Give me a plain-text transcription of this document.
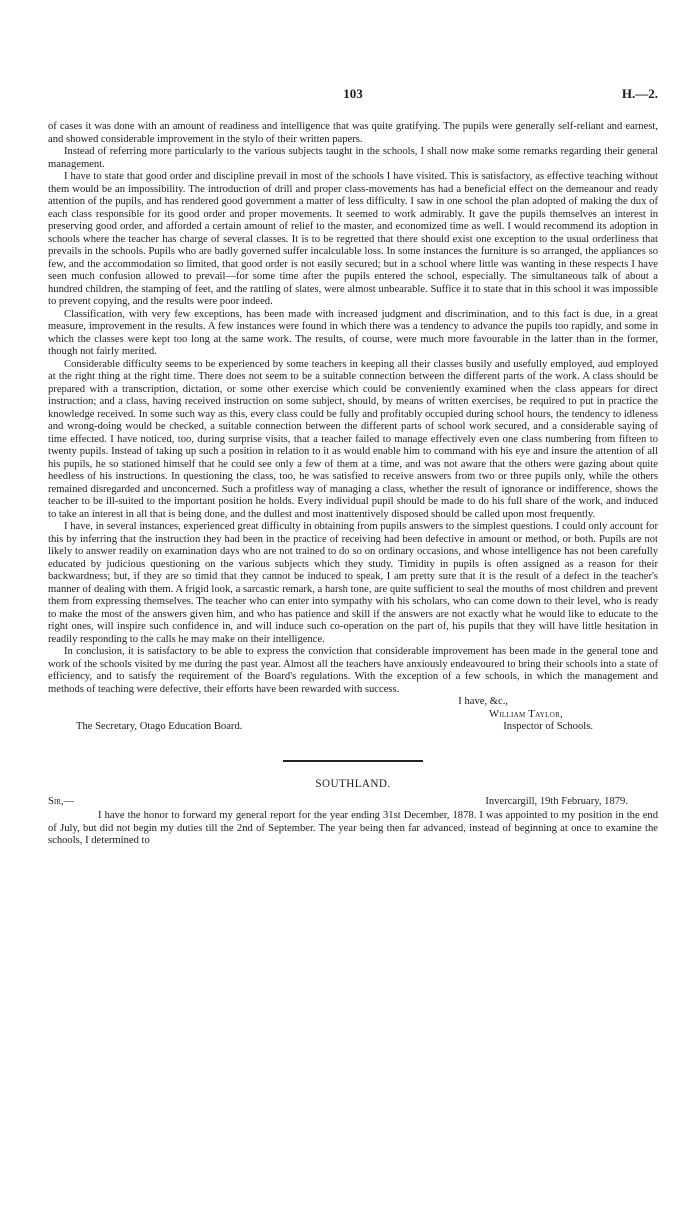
103	H.—2.

of cases it was done with an amount of readiness and intelligence that was quite gratifying. The pupils were generally self-reliant and earnest, and showed considerable improvement in the stylo of their written papers.

Instead of referring more particularly to the various subjects taught in the schools, I shall now make some remarks regarding their general management.

I have to state that good order and discipline prevail in most of the schools I have visited. This is satisfactory, as effective teaching without them would be an impossibility. The introduction of drill and proper class-movements has had a beneficial effect on the demeanour and ready attention of the pupils, and has rendered good government a matter of less difficulty. I saw in one school the plan adopted of making the dux of each class responsible for its good order and proper movements. It seemed to work admirably. It gave the pupils themselves an interest in preserving good order, and afforded a certain amount of relief to the master, and economized time as well. I would recommend its adoption in schools where the teacher has charge of several classes. It is to be regretted that there should exist one exception to the usual orderliness that prevails in the schools. Pupils who are badly governed suffer incalculable loss. In some instances the furniture is so arranged, the appliances so few, and the accommodation so limited, that good order is not easily secured; but in a school where little was wanting in these respects I have seen much confusion allowed to prevail—for some time after the pupils entered the school, especially. The simultaneous talk of about a hundred children, the stamping of feet, and the rattling of slates, were almost unbearable. Suffice it to state that in this school it was impossible to prevent copying, and the results were poor indeed.

Classification, with very few exceptions, has been made with increased judgment and discrimination, and to this fact is due, in a great measure, improvement in the results. A few instances were found in which there was a tendency to advance the pupils too rapidly, and some in which the classes were kept too long at the same work. The results, of course, were much more favourable in the latter than in the former, though not fairly merited.

Considerable difficulty seems to be experienced by some teachers in keeping all their classes busily and usefully employed, aud employed at the right thing at the right time. There does not seem to be a suitable connection between the different parts of the work. A class should be prepared with a transcription, dictation, or some other exercise which could be conveniently examined when the class appears for direct instruction; and a class, having received instruction on some subject, should, by means of written exercises, be required to put in practice the knowledge received. In some such way as this, every class could be fully and profitably occupied during school hours, the tendency to idleness and wrong-doing would be checked, a suitable connection between the different parts of school work secured, and a considerable saying of time effected. I have noticed, too, during surprise visits, that a teacher failed to manage effectively even one class numbering from fifteen to twenty pupils. Instead of taking up such a position in relation to it as would enable him to command with his eye and insure the attention of all his pupils, he so stationed himself that he could see only a few of them at a time, and was not aware that the others were gazing about quite heedless of his instructions. In questioning the class, too, he was satisfied to receive answers from two or three pupils only, while the others remained disregarded and unconcerned. Such a profitless way of managing a class, whether the result of ignorance or indifference, shows the teacher to be ill-suited to the important position he holds. Every individual pupil should be made to do his full share of the work, and induced to take an interest in all that is being done, and the dullest and most inattentively disposed should be called upon most frequently.

I have, in several instances, experienced great difficulty in obtaining from pupils answers to the simplest questions. I could only account for this by inferring that the instruction they had been in the practice of receiving had been defective in amount or method, or both. Pupils are not likely to answer readily on examination days who are not trained to do so on ordinary occasions, and whose intelligence has not been carefully educated by judicious questioning on the various subjects which they study. Timidity in pupils is often assigned as a reason for their backwardness; but, if they are so timid that they cannot be induced to speak, I am pretty sure that it is the result of a defect in the teacher's manner of dealing with them. A frigid look, a sarcastic remark, a harsh tone, are quite sufficient to seal the mouths of most children and prevent them from expressing themselves. The teacher who can enter into sympathy with his scholars, who can come down to their level, who is ready to make the most of the answers given him, and who has patience and skill if the answers are not exactly what he would like to educate to the right ones, will inspire such confidence in, and will induce such co-operation on the part of, his pupils that they will have little hesitation in readily responding to the calls he may make on their intelligence.

In conclusion, it is satisfactory to be able to express the conviction that considerable improvement has been made in the general tone and work of the schools visited by me during the past year. Almost all the teachers have anxiously endeavoured to bring their schools into a state of efficiency, and to satisfy the requirement of the Board's regulations. With the exception of a few schools, in which the management and methods of teaching were defective, their efforts have been rewarded with success.

I have, &c.,

William Taylor,
The Secretary, Otago Education Board.	Inspector of Schools.
SOUTHLAND.
Sir,—	Invercargill, 19th February, 1879.

I have the honor to forward my general report for the year ending 31st December, 1878. I was appointed to my position in the end of July, but did not begin my duties till the 2nd of September. The year being then far advanced, instead of beginning at once to examine the schools, I determined to
